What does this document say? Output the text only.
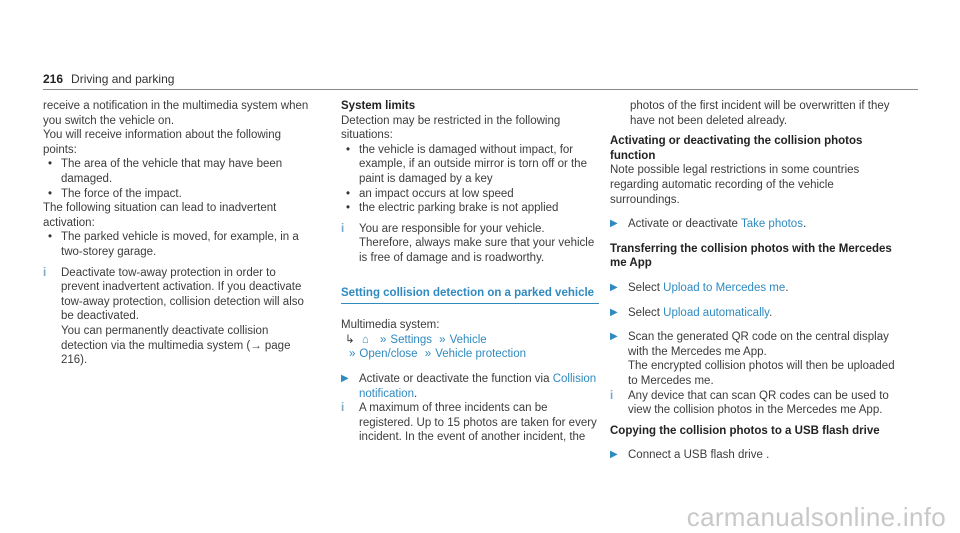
216 Driving and parking

receive a notification in the multimedia system when you switch the vehicle on.

You will receive information about the following points:

• The area of the vehicle that may have been damaged.
• The force of the impact.

The following situation can lead to inadvertent activation:

• The parked vehicle is moved, for example, in a two-storey garage.
i	Deactivate tow-away protection in order to prevent inadvertent activation. If you deactivate tow-away protection, collision detection will also be deactivated.

You can permanently deactivate collision detection via the multimedia system (→ page 216).

System limits

Detection may be restricted in the following situations:

• the vehicle is damaged without impact, for example, if an outside mirror is torn off or the paint is damaged by a key
• an impact occurs at low speed
• the electric parking brake is not applied
i	You are responsible for your vehicle. Therefore, always make sure that your vehicle is free of damage and is roadworthy.

Setting collision detection on a parked vehicle

Multimedia system:

↳ ⌂ » Settings » Vehicle
» Open/close » Vehicle protection
▶ Activate or deactivate the function via Collision notification.

i	A maximum of three incidents can be registered. Up to 15 photos are taken for every incident. In the event of another incident, the

photos of the first incident will be overwritten if they have not been deleted already.

Activating or deactivating the collision photos function

Note possible legal restrictions in some countries regarding automatic recording of the vehicle surroundings.

▶ Activate or deactivate Take photos.

Transferring the collision photos with the Mercedes me App

▶ Select Upload to Mercedes me.

▶ Select Upload automatically.

▶ Scan the generated QR code on the central display with the Mercedes me App.

The encrypted collision photos will then be uploaded to Mercedes me.

i	Any device that can scan QR codes can be used to view the collision photos in the Mercedes me App.

Copying the collision photos to a USB flash drive

▶ Connect a USB flash drive .

carmanualsonline.info
